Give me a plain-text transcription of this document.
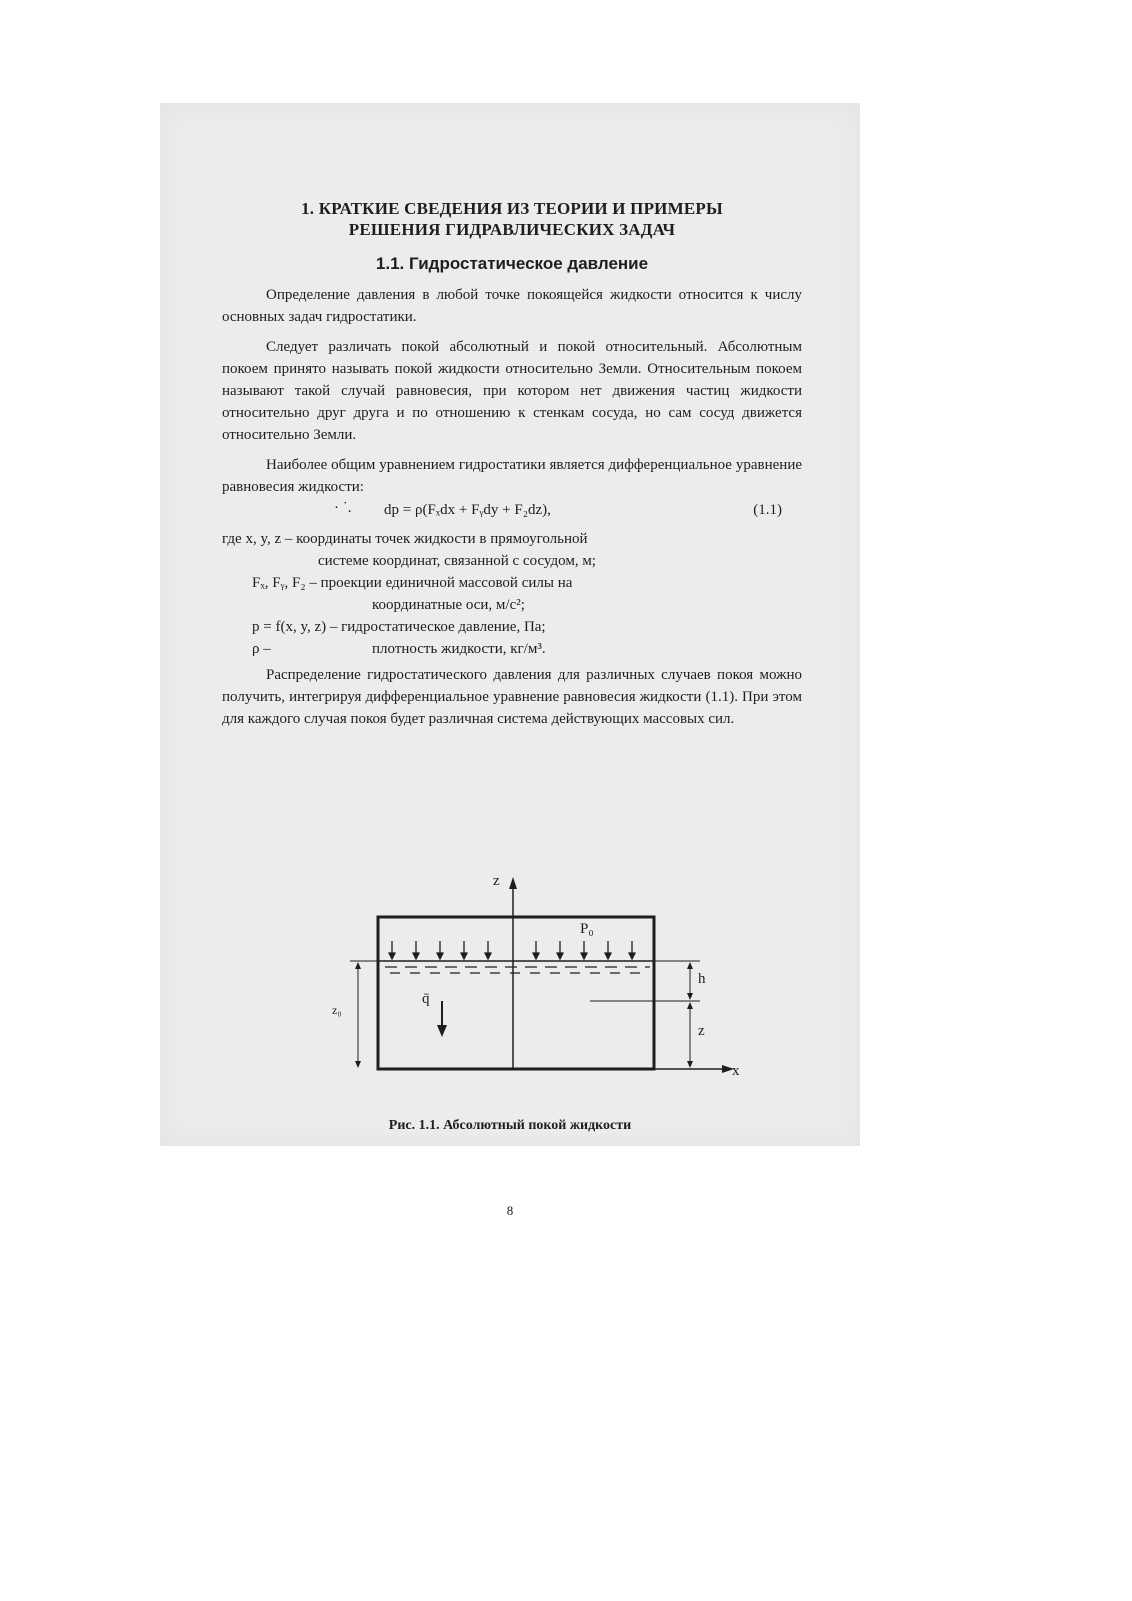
1. КРАТКИЕ СВЕДЕНИЯ ИЗ ТЕОРИИ И ПРИМЕРЫ
РЕШЕНИЯ ГИДРАВЛИЧЕСКИХ ЗАДАЧ
1.1. Гидростатическое давление

Определение давления в любой точке покоящейся жидкости относится к числу основных задач гидростатики.

Следует различать покой абсолютный и покой относительный. Абсолютным покоем принято называть покой жидкости относительно Земли. Относительным покоем называют такой случай равновесия, при котором нет движения частиц жидкости относительно друг друга и по отношению к стенкам сосуда, но сам сосуд движется относительно Земли.

Наиболее общим уравнением гидростатики является дифференциальное уравнение равновесия жидкости:

· ˙. dp = ρ(Fₓdx + Fᵧdy + F₂dz),	(1.1)
где x, y, z – координаты точек жидкости в прямоугольной
системе координат, связанной с сосудом, м;
Fₓ, Fᵧ, F₂ – проекции единичной массовой силы на
координатные оси, м/с²;
p = f(x, y, z) – гидростатическое давление, Па;
ρ –	плотность жидкости, кг/м³.

Распределение гидростатического давления для различных случаев покоя можно получить, интегрируя дифференциальное уравнение равновесия жидкости (1.1). При этом для каждого случая покоя будет различная система действующих массовых сил.

z
x
P₀
h
z
z₀
q̄
Рис. 1.1. Абсолютный покой жидкости
8
